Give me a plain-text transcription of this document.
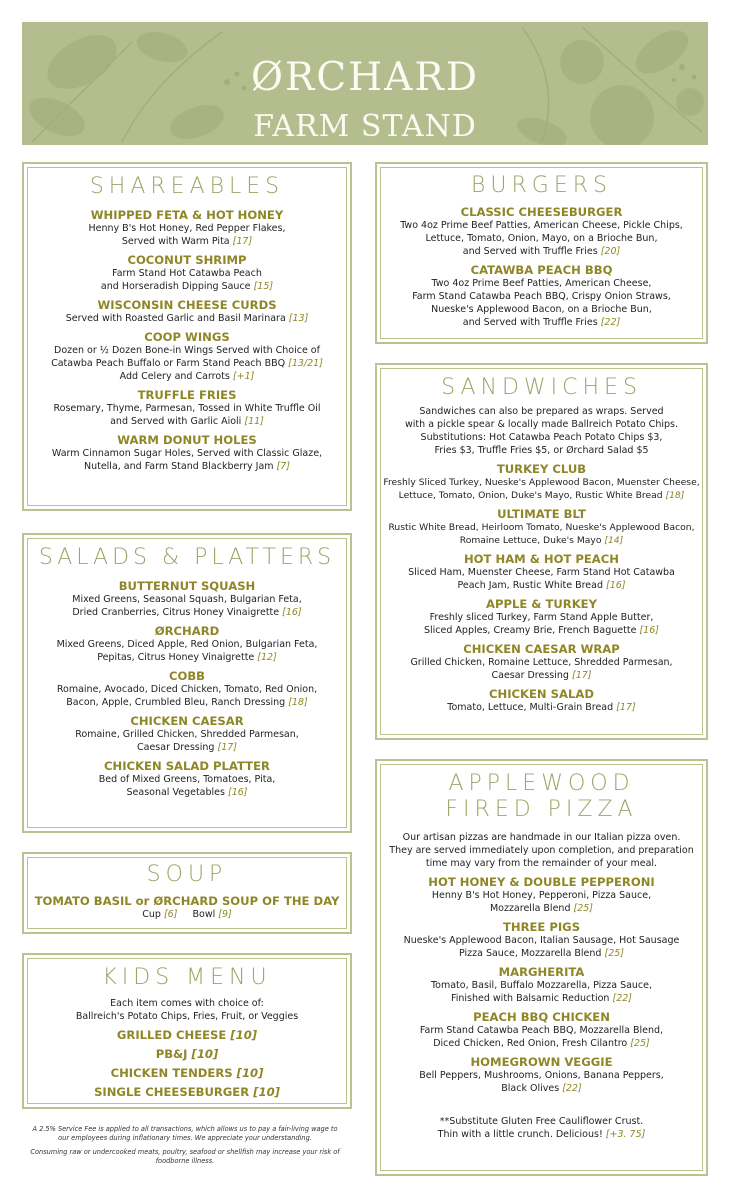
ØRCHARD
FARM STAND
SHAREABLES
WHIPPED FETA & HOT HONEY
Henny B's Hot Honey, Red Pepper Flakes,
Served with Warm Pita [17]
COCONUT SHRIMP
Farm Stand Hot Catawba Peach
and Horseradish Dipping Sauce [15]
WISCONSIN CHEESE CURDS
Served with Roasted Garlic and Basil Marinara [13]
COOP WINGS
Dozen or ½ Dozen Bone-in Wings Served with Choice of
Catawba Peach Buffalo or Farm Stand Peach BBQ [13/21]
Add Celery and Carrots [+1]
TRUFFLE FRIES
Rosemary, Thyme, Parmesan, Tossed in White Truffle Oil
and Served with Garlic Aioli [11]
WARM DONUT HOLES
Warm Cinnamon Sugar Holes, Served with Classic Glaze,
Nutella, and Farm Stand Blackberry Jam [7]
SALADS & PLATTERS
BUTTERNUT SQUASH
Mixed Greens, Seasonal Squash, Bulgarian Feta,
Dried Cranberries, Citrus Honey Vinaigrette [16]
ØRCHARD
Mixed Greens, Diced Apple, Red Onion, Bulgarian Feta,
Pepitas, Citrus Honey Vinaigrette [12]
COBB
Romaine, Avocado, Diced Chicken, Tomato, Red Onion,
Bacon, Apple, Crumbled Bleu, Ranch Dressing [18]
CHICKEN CAESAR
Romaine, Grilled Chicken, Shredded Parmesan,
Caesar Dressing [17]
CHICKEN SALAD PLATTER
Bed of Mixed Greens, Tomatoes, Pita,
Seasonal Vegetables [16]
SOUP
TOMATO BASIL or ØRCHARD SOUP OF THE DAY
Cup [6] Bowl [9]
KIDS MENU
Each item comes with choice of:
Ballreich's Potato Chips, Fries, Fruit, or Veggies
GRILLED CHEESE [10]
PB&J [10]
CHICKEN TENDERS [10]
SINGLE CHEESEBURGER [10]

A 2.5% Service Fee is applied to all transactions, which allows us to pay a fair-living wage to our employees during inflationary times. We appreciate your understanding.

Consuming raw or undercooked meats, poultry, seafood or shellfish may increase your risk of foodborne illness.

BURGERS
CLASSIC CHEESEBURGER
Two 4oz Prime Beef Patties, American Cheese, Pickle Chips,
Lettuce, Tomato, Onion, Mayo, on a Brioche Bun,
and Served with Truffle Fries [20]
CATAWBA PEACH BBQ
Two 4oz Prime Beef Patties, American Cheese,
Farm Stand Catawba Peach BBQ, Crispy Onion Straws,
Nueske's Applewood Bacon, on a Brioche Bun,
and Served with Truffle Fries [22]
SANDWICHES
Sandwiches can also be prepared as wraps. Served
with a pickle spear & locally made Ballreich Potato Chips.
Substitutions: Hot Catawba Peach Potato Chips $3,
Fries $3, Truffle Fries $5, or Ørchard Salad $5
TURKEY CLUB
Freshly Sliced Turkey, Nueske's Applewood Bacon, Muenster Cheese,
Lettuce, Tomato, Onion, Duke's Mayo, Rustic White Bread [18]
ULTIMATE BLT
Rustic White Bread, Heirloom Tomato, Nueske's Applewood Bacon,
Romaine Lettuce, Duke's Mayo [14]
HOT HAM & HOT PEACH
Sliced Ham, Muenster Cheese, Farm Stand Hot Catawba
Peach Jam, Rustic White Bread [16]
APPLE & TURKEY
Freshly sliced Turkey, Farm Stand Apple Butter,
Sliced Apples, Creamy Brie, French Baguette [16]
CHICKEN CAESAR WRAP
Grilled Chicken, Romaine Lettuce, Shredded Parmesan,
Caesar Dressing [17]
CHICKEN SALAD
Tomato, Lettuce, Multi-Grain Bread [17]
APPLEWOOD
FIRED PIZZA
Our artisan pizzas are handmade in our Italian pizza oven.
They are served immediately upon completion, and preparation
time may vary from the remainder of your meal.
HOT HONEY & DOUBLE PEPPERONI
Henny B's Hot Honey, Pepperoni, Pizza Sauce,
Mozzarella Blend [25]
THREE PIGS
Nueske's Applewood Bacon, Italian Sausage, Hot Sausage
Pizza Sauce, Mozzarella Blend [25]
MARGHERITA
Tomato, Basil, Buffalo Mozzarella, Pizza Sauce,
Finished with Balsamic Reduction [22]
PEACH BBQ CHICKEN
Farm Stand Catawba Peach BBQ, Mozzarella Blend,
Diced Chicken, Red Onion, Fresh Cilantro [25]
HOMEGROWN VEGGIE
Bell Peppers, Mushrooms, Onions, Banana Peppers,
Black Olives [22]
**Substitute Gluten Free Cauliflower Crust.
Thin with a little crunch. Delicious! [+3. 75]
